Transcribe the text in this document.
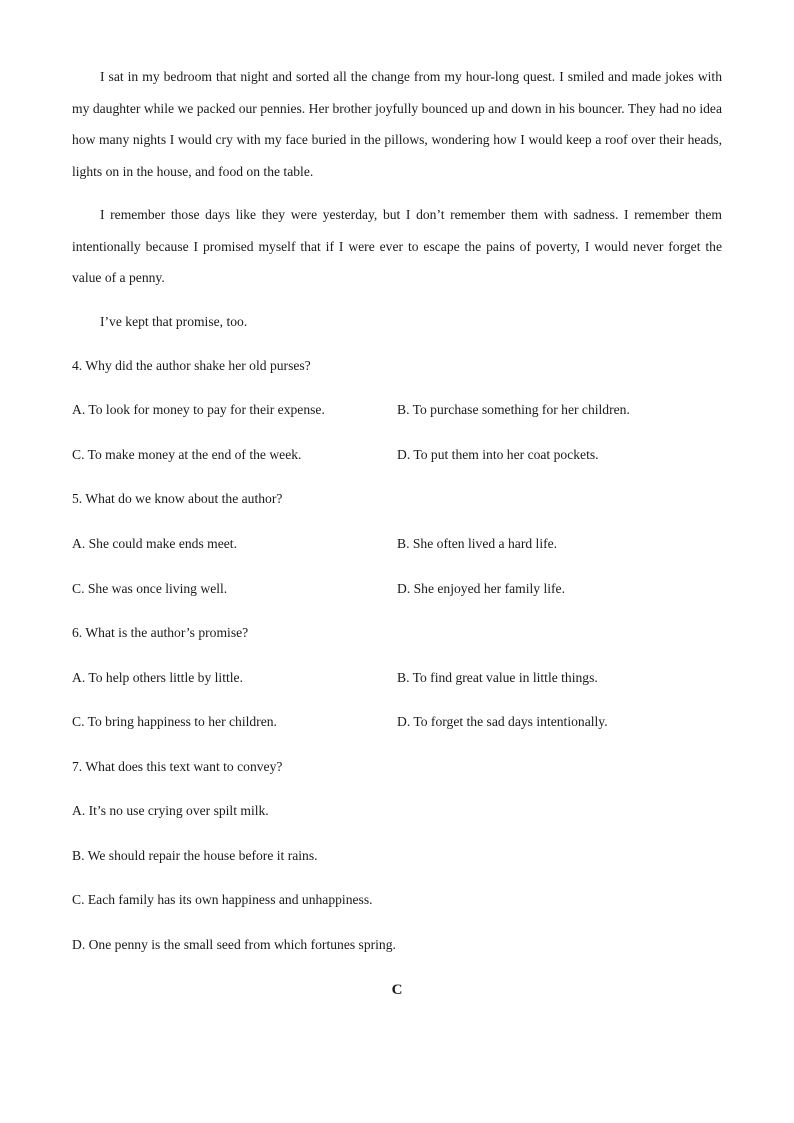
I sat in my bedroom that night and sorted all the change from my hour-long quest. I smiled and made jokes with my daughter while we packed our pennies. Her brother joyfully bounced up and down in his bouncer. They had no idea how many nights I would cry with my face buried in the pillows, wondering how I would keep a roof over their heads, lights on in the house, and food on the table.

I remember those days like they were yesterday, but I don’t remember them with sadness. I remember them intentionally because I promised myself that if I were ever to escape the pains of poverty, I would never forget the value of a penny.

I’ve kept that promise, too.

4. Why did the author shake her old purses?
A. To look for money to pay for their expense.	B. To purchase something for her children.
C. To make money at the end of the week.	D. To put them into her coat pockets.
5. What do we know about the author?
A. She could make ends meet.	B. She often lived a hard life.
C. She was once living well.	D. She enjoyed her family life.
6. What is the author’s promise?
A. To help others little by little.	B. To find great value in little things.
C. To bring happiness to her children.	D. To forget the sad days intentionally.
7. What does this text want to convey?
A. It’s no use crying over spilt milk.
B. We should repair the house before it rains.
C. Each family has its own happiness and unhappiness.
D. One penny is the small seed from which fortunes spring.
C
